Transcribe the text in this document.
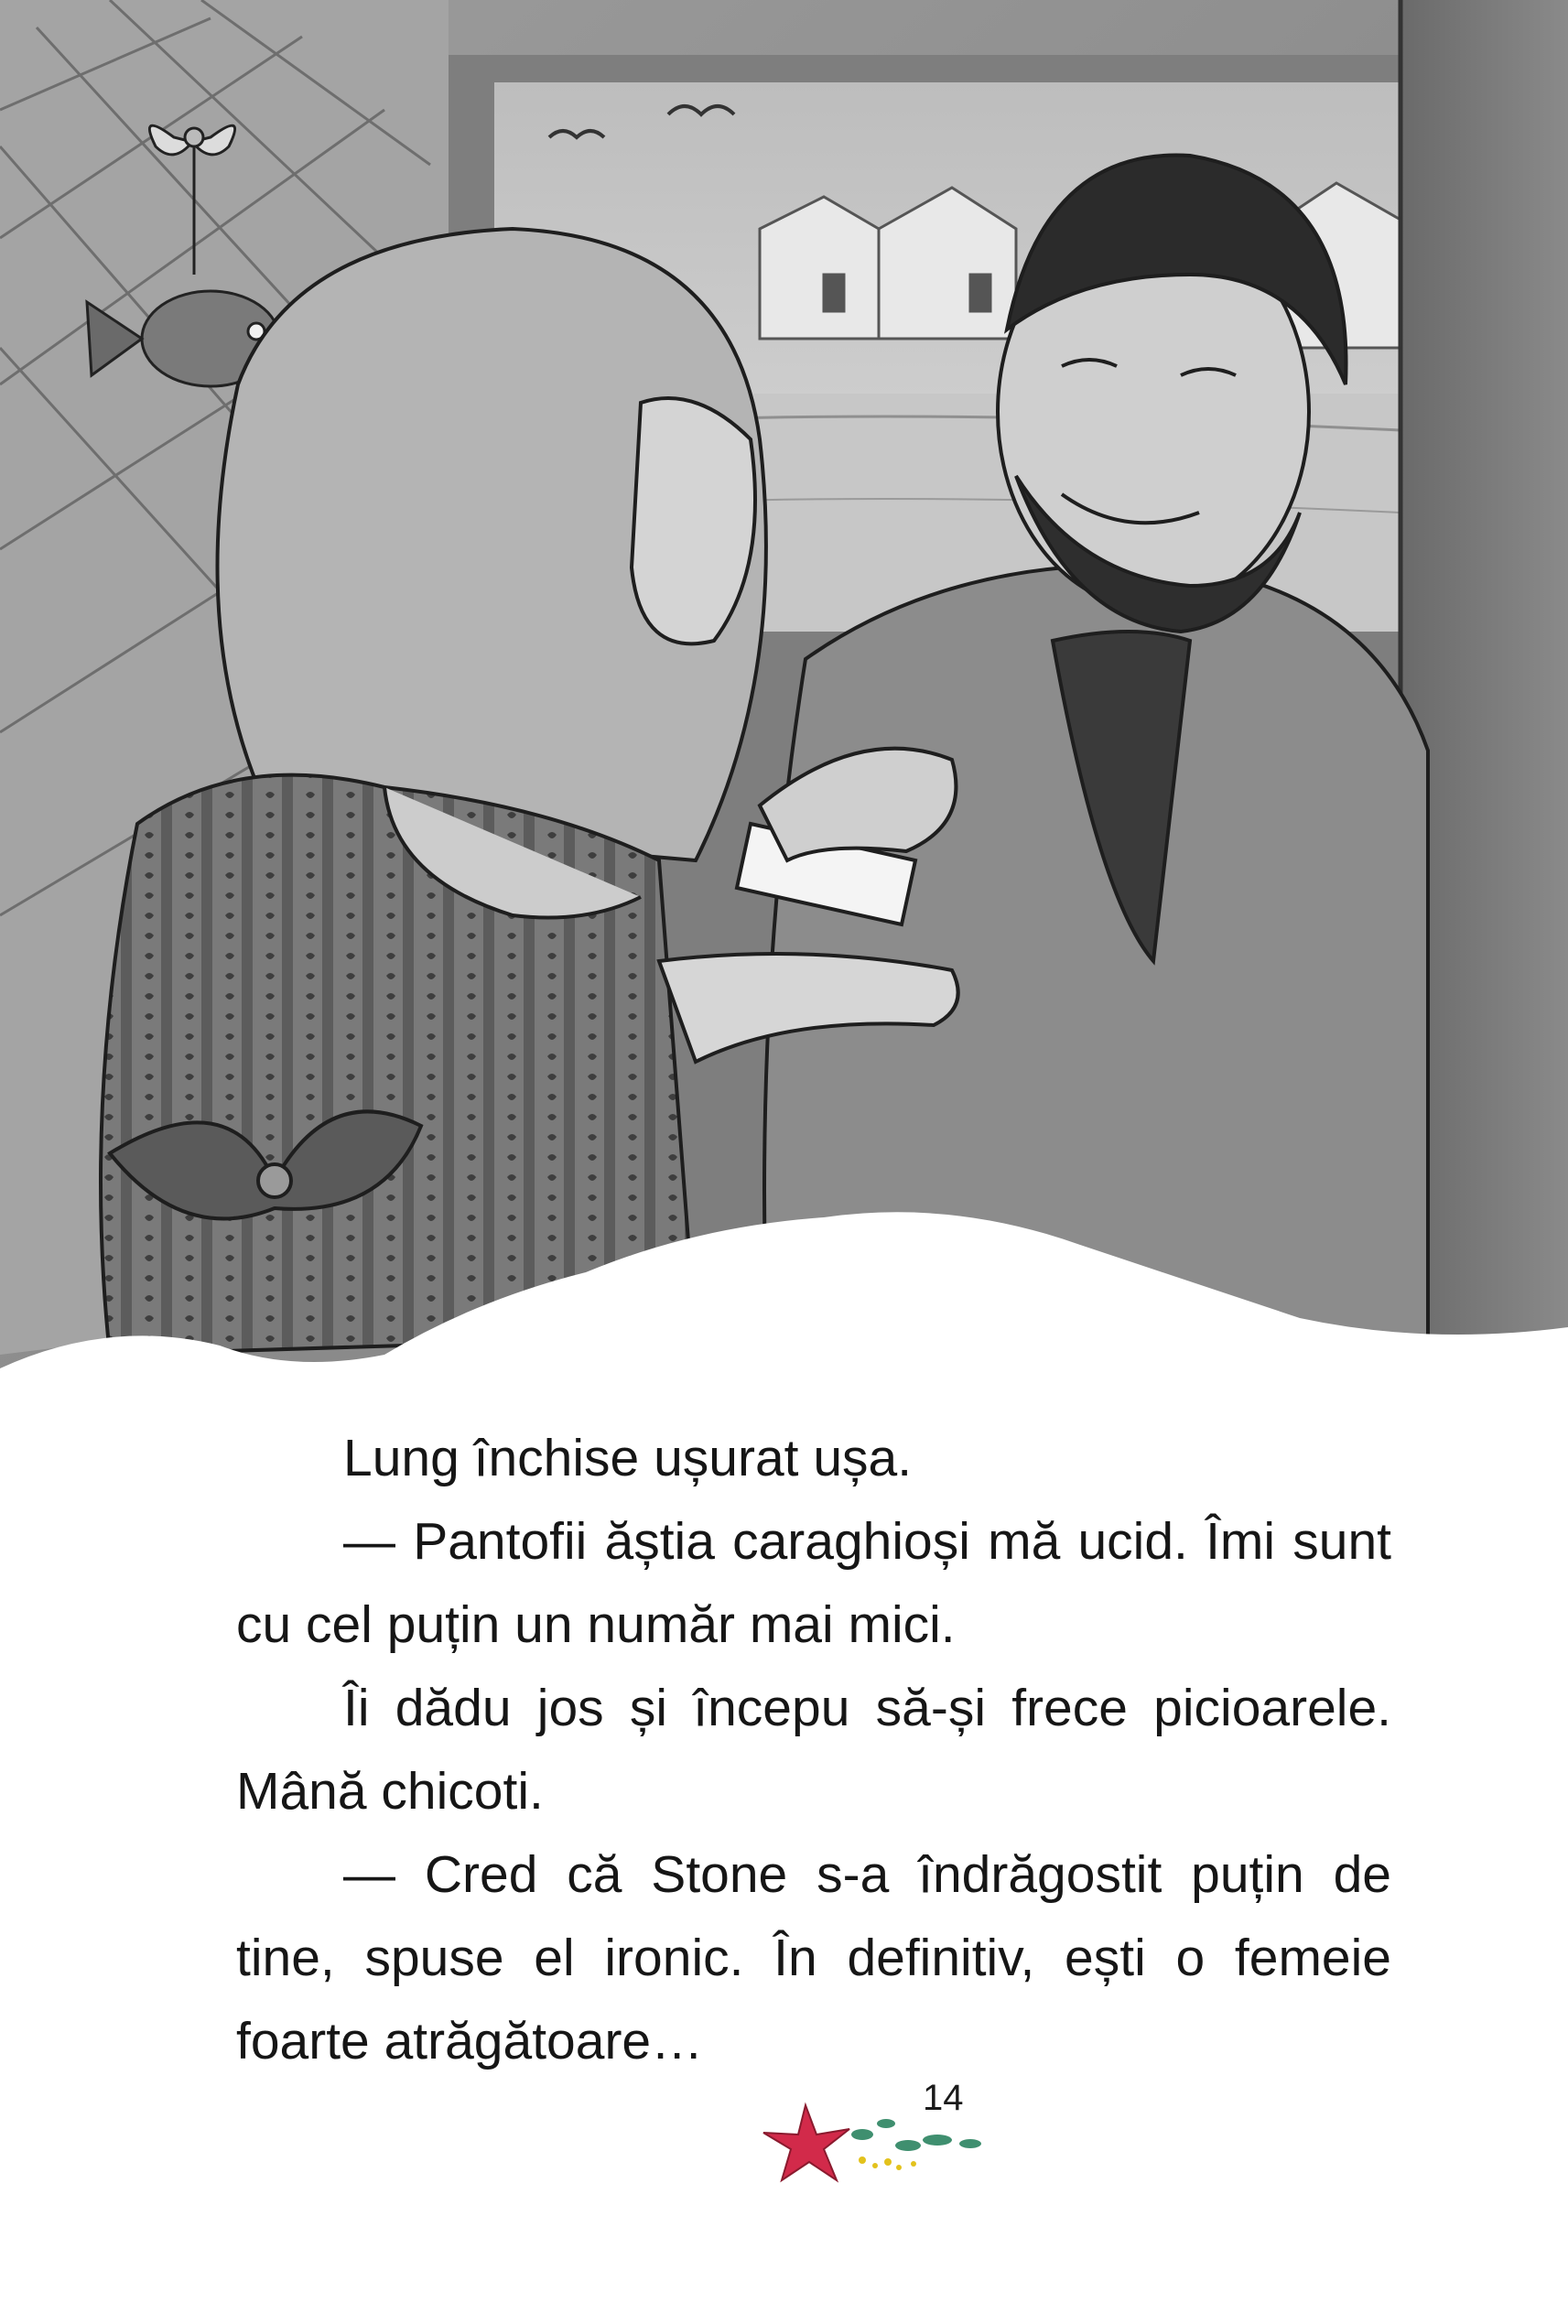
Lung închise ușurat ușa.

— Pantofii ăștia caraghioși mă ucid. Îmi sunt cu cel puțin un număr mai mici.

Îi dădu jos și începu să-și frece picioarele. Mână chicoti.

— Cred că Stone s-a îndrăgostit puțin de tine, spuse el ironic. În definitiv, ești o femeie foarte atrăgătoare…

14
